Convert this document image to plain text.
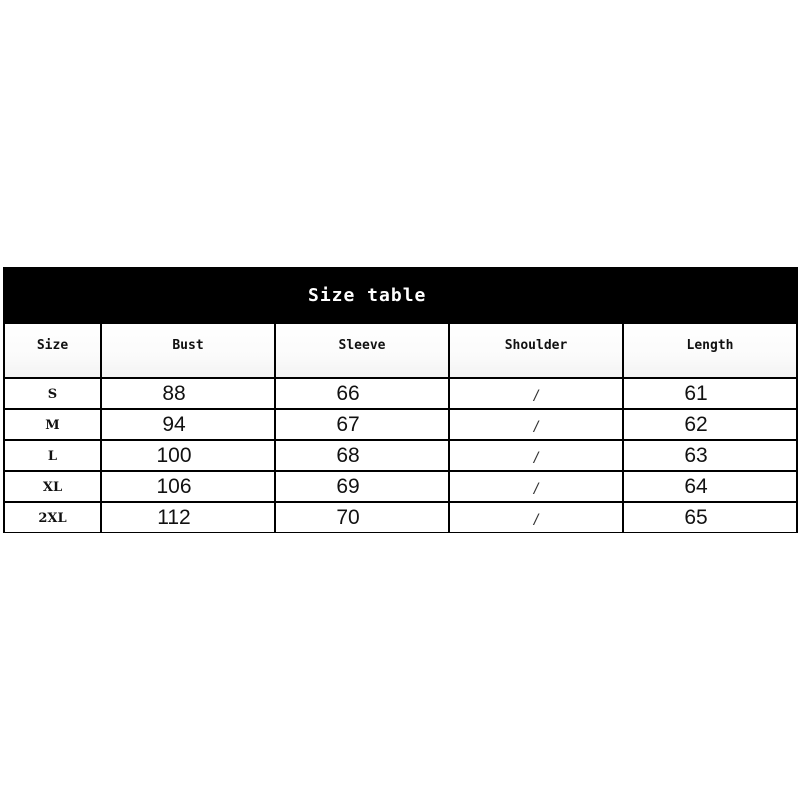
Size table
$^{Size}$	$^{Bust}$	$^{Sleeve}$	$^{Shoulder}$	$^{Length}$
S	88	66	/	61
M	94	67	/	62
L	100	68	/	63
XL	106	69	/	64
2XL	112	70	/	65
